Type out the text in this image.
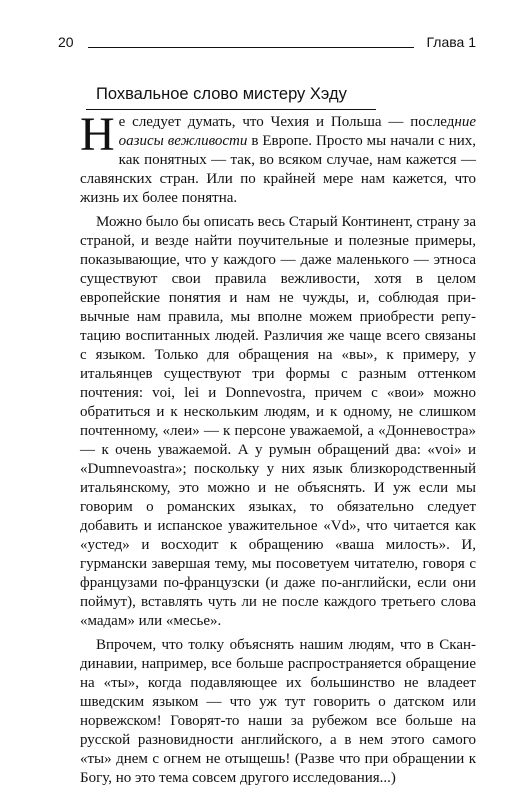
20	Глава 1
Похвальное слово мистеру Хэду

Не следует думать, что Чехия и Польша — последние оазисы вежливости в Европе. Просто мы начали с них, как понятных — так, во всяком случае, нам кажется — славянских стран. Или по крайней мере нам кажется, что жизнь их более понятна.

Можно было бы описать весь Старый Континент, страну за страной, и везде найти поучительные и полезные примеры, показывающие, что у каждого — даже маленького — этноса существуют свои правила вежливости, хотя в целом европейские понятия и нам не чужды, и, соблюдая привычные нам правила, мы вполне можем приобрести репутацию воспитанных людей. Различия же чаще всего связаны с языком. Только для обращения на «вы», к примеру, у итальянцев существуют три формы с разным оттенком почтения: voi, lei и Donnevostra, причем с «вои» можно обратиться и к нескольким людям, и к одному, не слишком почтенному, «леи» — к персоне уважаемой, а «Донневостра» — к очень уважаемой. А у румын обращений два: «voi» и «Dumnevoastra»; поскольку у них язык близкородственный итальянскому, это можно и не объяснять. И уж если мы говорим о романских языках, то обязательно следует добавить и испанское уважительное «Vd», что читается как «устед» и восходит к обращению «ваша милость». И, гурмански завершая тему, мы посоветуем читателю, говоря с французами по-французски (и даже по-английски, если они поймут), вставлять чуть ли не после каждого третьего слова «мадам» или «месье».

Впрочем, что толку объяснять нашим людям, что в Скандинавии, например, все больше распространяется обращение на «ты», когда подавляющее их большинство не владеет шведским языком — что уж тут говорить о датском или норвежском! Говорят-то наши за рубежом все больше на русской разновидности английского, а в нем этого самого «ты» днем с огнем не отыщешь! (Разве что при обращении к Богу, но это тема совсем другого исследования...)
